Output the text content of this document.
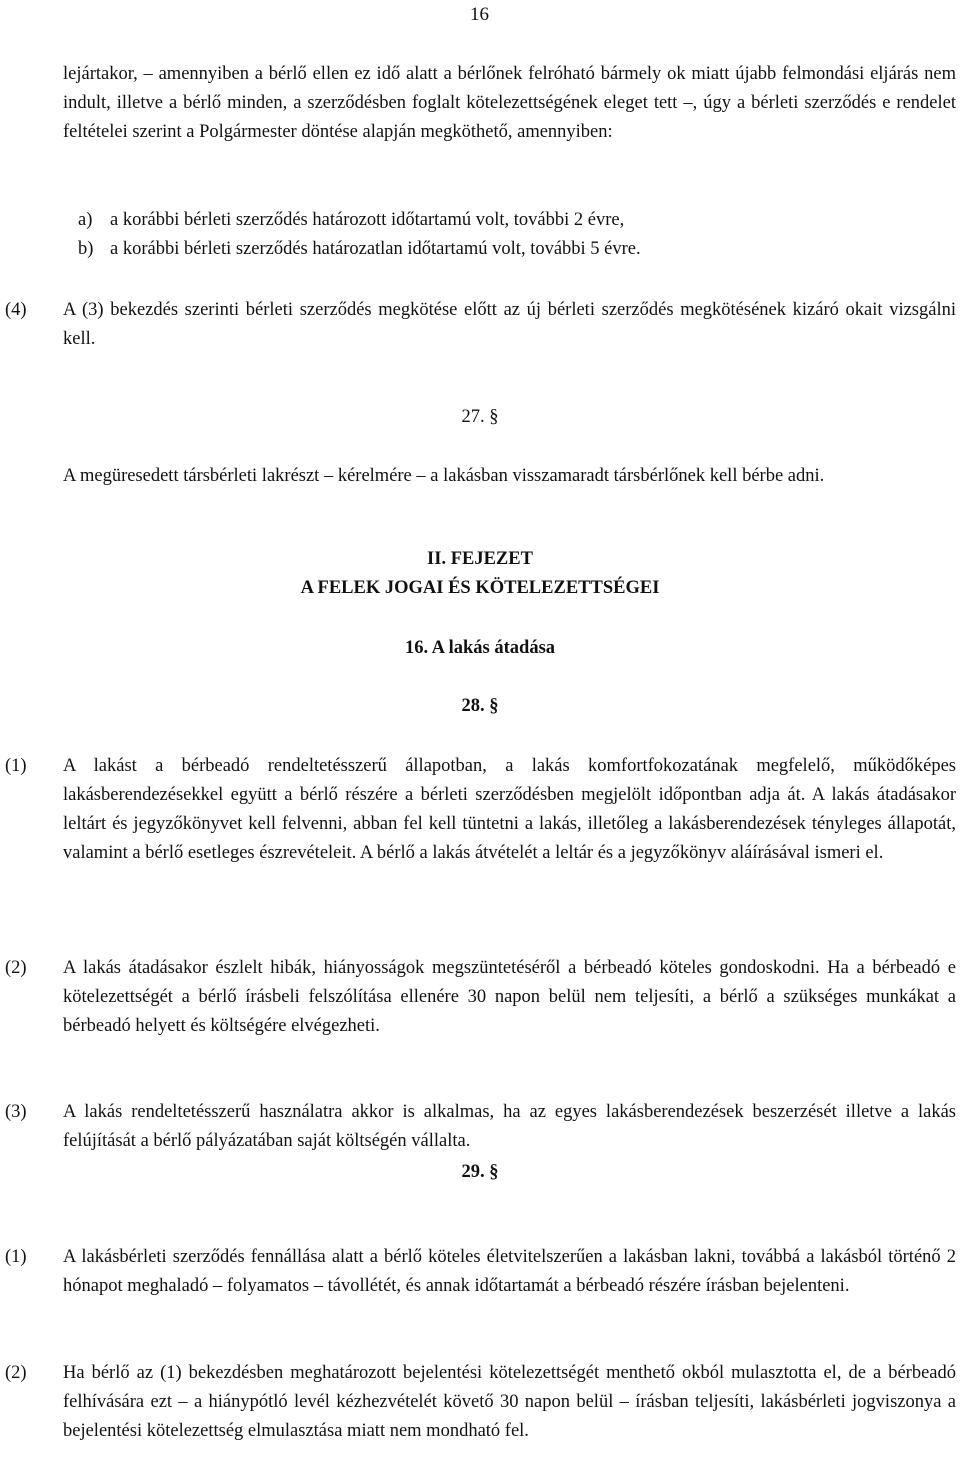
16
lejártakor, – amennyiben a bérlő ellen ez idő alatt a bérlőnek felróható bármely ok miatt újabb felmondási eljárás nem indult, illetve a bérlő minden, a szerződésben foglalt kötelezettségének eleget tett –, úgy a bérleti szerződés e rendelet feltételei szerint a Polgármester döntése alapján megköthető, amennyiben:
a) a korábbi bérleti szerződés határozott időtartamú volt, további 2 évre,
b) a korábbi bérleti szerződés határozatlan időtartamú volt, további 5 évre.
(4) A (3) bekezdés szerinti bérleti szerződés megkötése előtt az új bérleti szerződés megkötésének kizáró okait vizsgálni kell.
27. §
A megüresedett társbérleti lakrészt – kérelmére – a lakásban visszamaradt társbérlőnek kell bérbe adni.
II. FEJEZET
A FELEK JOGAI ÉS KÖTELEZETTSÉGEI
16. A lakás átadása
28. §
(1) A lakást a bérbeadó rendeltetésszerű állapotban, a lakás komfortfokozatának megfelelő, működőképes lakásberendezésekkel együtt a bérlő részére a bérleti szerződésben megjelölt időpontban adja át. A lakás átadásakor leltárt és jegyzőkönyvet kell felvenni, abban fel kell tüntetni a lakás, illetőleg a lakásberendezések tényleges állapotát, valamint a bérlő esetleges észrevételeit. A bérlő a lakás átvételét a leltár és a jegyzőkönyv aláírásával ismeri el.
(2) A lakás átadásakor észlelt hibák, hiányosságok megszüntetéséről a bérbeadó köteles gondoskodni. Ha a bérbeadó e kötelezettségét a bérlő írásbeli felszólítása ellenére 30 napon belül nem teljesíti, a bérlő a szükséges munkákat a bérbeadó helyett és költségére elvégezheti.
(3) A lakás rendeltetésszerű használatra akkor is alkalmas, ha az egyes lakásberendezések beszerzését illetve a lakás felújítását a bérlő pályázatában saját költségén vállalta.
29. §
(1) A lakásbérleti szerződés fennállása alatt a bérlő köteles életvitelszerűen a lakásban lakni, továbbá a lakásból történő 2 hónapot meghaladó – folyamatos – távollétét, és annak időtartamát a bérbeadó részére írásban bejelenteni.
(2) Ha bérlő az (1) bekezdésben meghatározott bejelentési kötelezettségét menthető okból mulasztotta el, de a bérbeadó felhívására ezt – a hiánypótló levél kézhezvételét követő 30 napon belül – írásban teljesíti, lakásbérleti jogviszonya a bejelentési kötelezettség elmulasztása miatt nem mondható fel.
